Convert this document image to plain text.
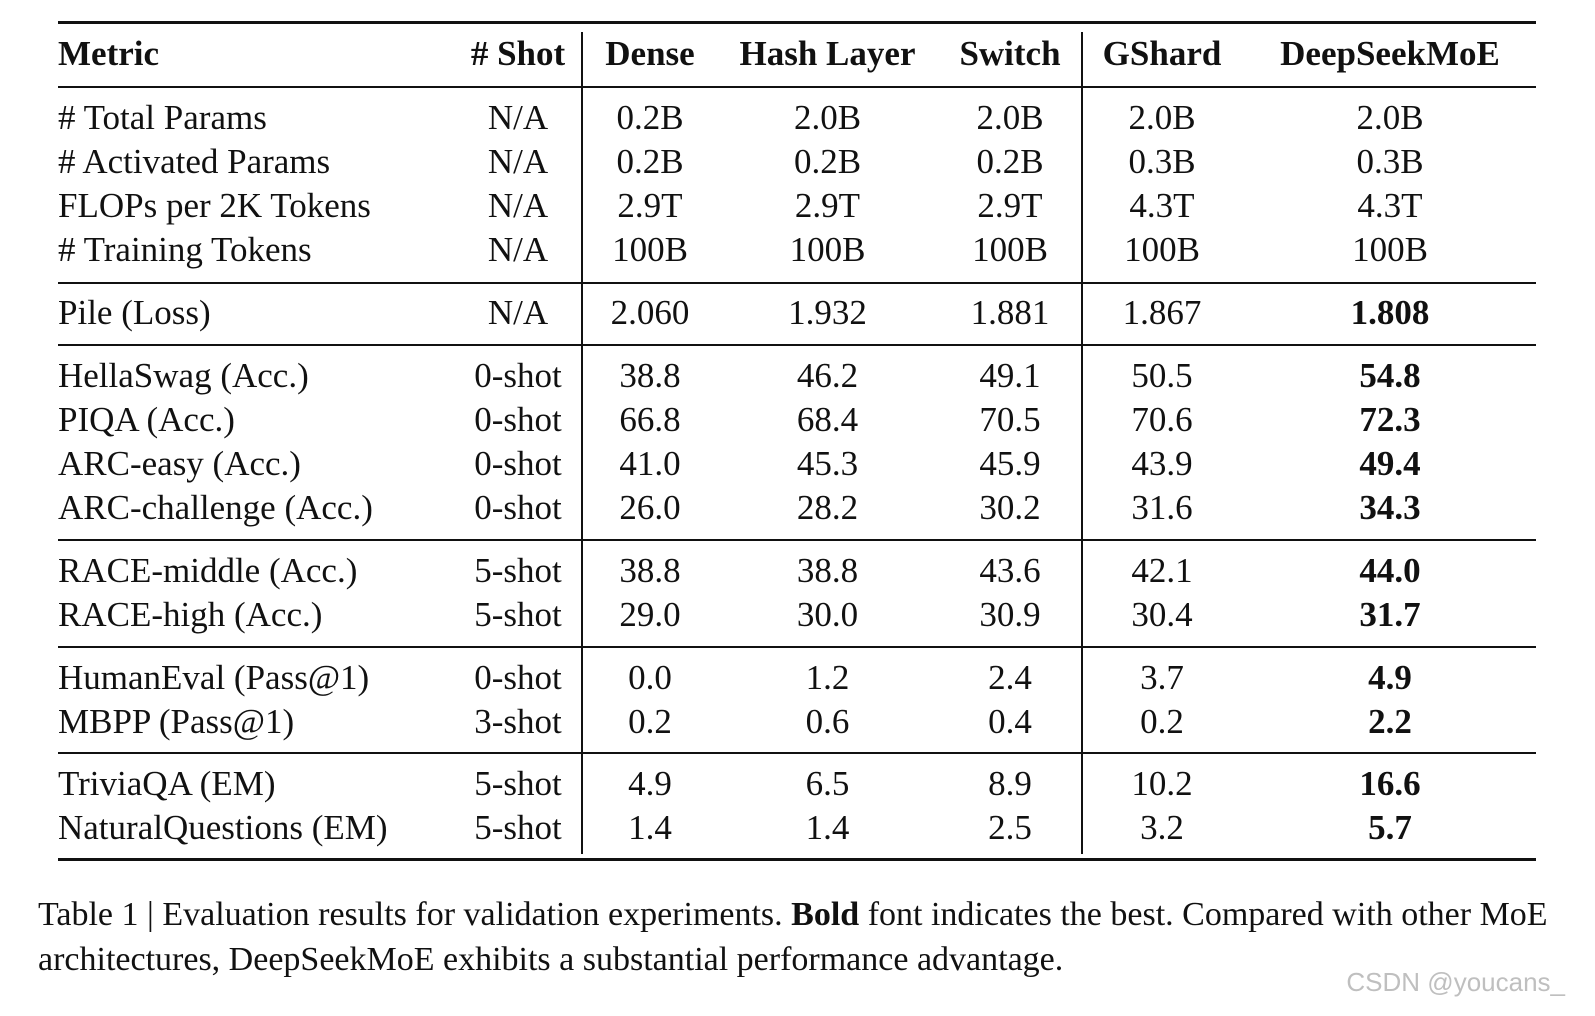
Metric	# Shot	Dense	Hash Layer	Switch	GShard	DeepSeekMoE
# Total Params	N/A	0.2B	2.0B	2.0B	2.0B	2.0B
# Activated Params	N/A	0.2B	0.2B	0.2B	0.3B	0.3B
FLOPs per 2K Tokens	N/A	2.9T	2.9T	2.9T	4.3T	4.3T
# Training Tokens	N/A	100B	100B	100B	100B	100B
Pile (Loss)	N/A	2.060	1.932	1.881	1.867	1.808
HellaSwag (Acc.)	0-shot	38.8	46.2	49.1	50.5	54.8
PIQA (Acc.)	0-shot	66.8	68.4	70.5	70.6	72.3
ARC-easy (Acc.)	0-shot	41.0	45.3	45.9	43.9	49.4
ARC-challenge (Acc.)	0-shot	26.0	28.2	30.2	31.6	34.3
RACE-middle (Acc.)	5-shot	38.8	38.8	43.6	42.1	44.0
RACE-high (Acc.)	5-shot	29.0	30.0	30.9	30.4	31.7
HumanEval (Pass@1)	0-shot	0.0	1.2	2.4	3.7	4.9
MBPP (Pass@1)	3-shot	0.2	0.6	0.4	0.2	2.2
TriviaQA (EM)	5-shot	4.9	6.5	8.9	10.2	16.6
NaturalQuestions (EM)	5-shot	1.4	1.4	2.5	3.2	5.7
Table 1 | Evaluation results for validation experiments. Bold font indicates the best. Compared with other MoE architectures, DeepSeekMoE exhibits a substantial performance advantage.
CSDN @youcans_
